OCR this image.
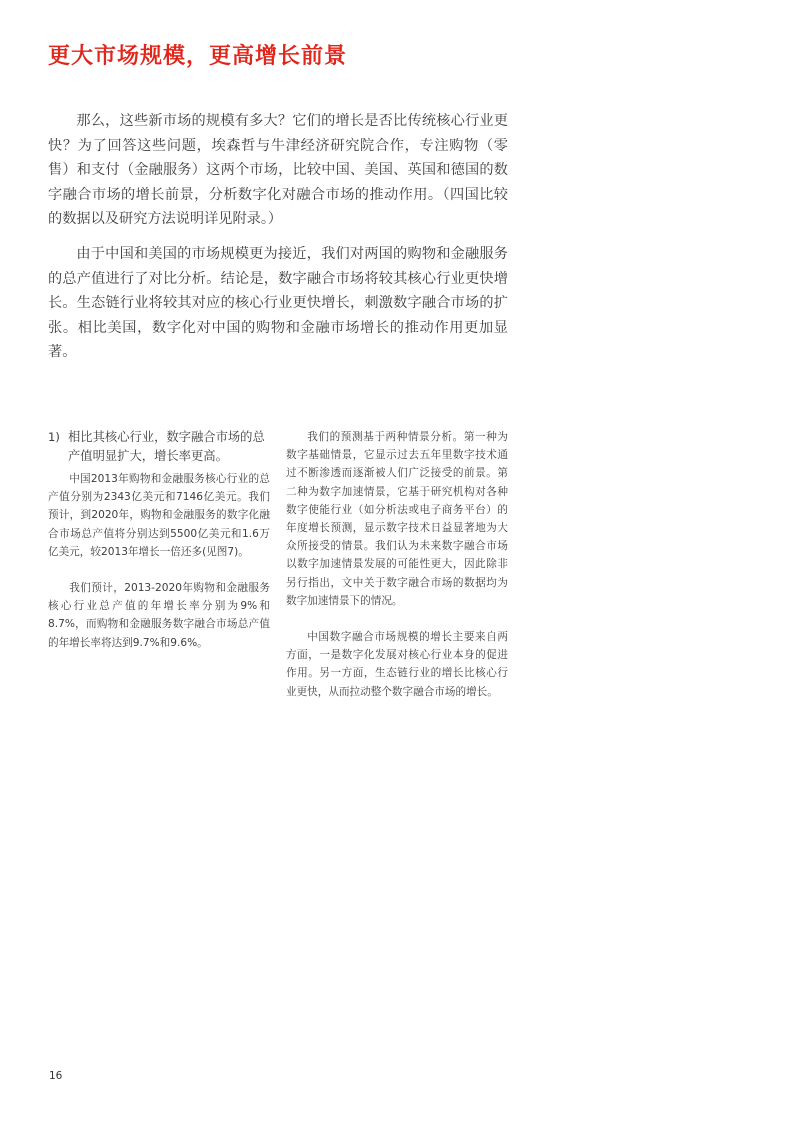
更大市场规模，更高增长前景

那么，这些新市场的规模有多大？它们的增长是否比传统核心行业更快？为了回答这些问题，埃森哲与牛津经济研究院合作，专注购物（零售）和支付（金融服务）这两个市场，比较中国、美国、英国和德国的数字融合市场的增长前景，分析数字化对融合市场的推动作用。（四国比较的数据以及研究方法说明详见附录。）

由于中国和美国的市场规模更为接近，我们对两国的购物和金融服务的总产值进行了对比分析。结论是，数字融合市场将较其核心行业更快增长。生态链行业将较其对应的核心行业更快增长，刺激数字融合市场的扩张。相比美国，数字化对中国的购物和金融市场增长的推动作用更加显著。

1) 相比其核心行业，数字融合市场的总产值明显扩大，增长率更高。

中国2013年购物和金融服务核心行业的总产值分别为2343亿美元和7146亿美元。我们预计，到2020年，购物和金融服务的数字化融合市场总产值将分别达到5500亿美元和1.6万亿美元，较2013年增长一倍还多(见图7)。

我们预计，2013-2020年购物和金融服务核心行业总产值的年增长率分别为9%和8.7%，而购物和金融服务数字融合市场总产值的年增长率将达到9.7%和9.6%。

我们的预测基于两种情景分析。第一种为数字基础情景，它显示过去五年里数字技术通过不断渗透而逐渐被人们广泛接受的前景。第二种为数字加速情景，它基于研究机构对各种数字使能行业（如分析法或电子商务平台）的年度增长预测，显示数字技术日益显著地为大众所接受的情景。我们认为未来数字融合市场以数字加速情景发展的可能性更大，因此除非另行指出，文中关于数字融合市场的数据均为数字加速情景下的情况。

中国数字融合市场规模的增长主要来自两方面，一是数字化发展对核心行业本身的促进作用。另一方面，生态链行业的增长比核心行业更快，从而拉动整个数字融合市场的增长。

16
